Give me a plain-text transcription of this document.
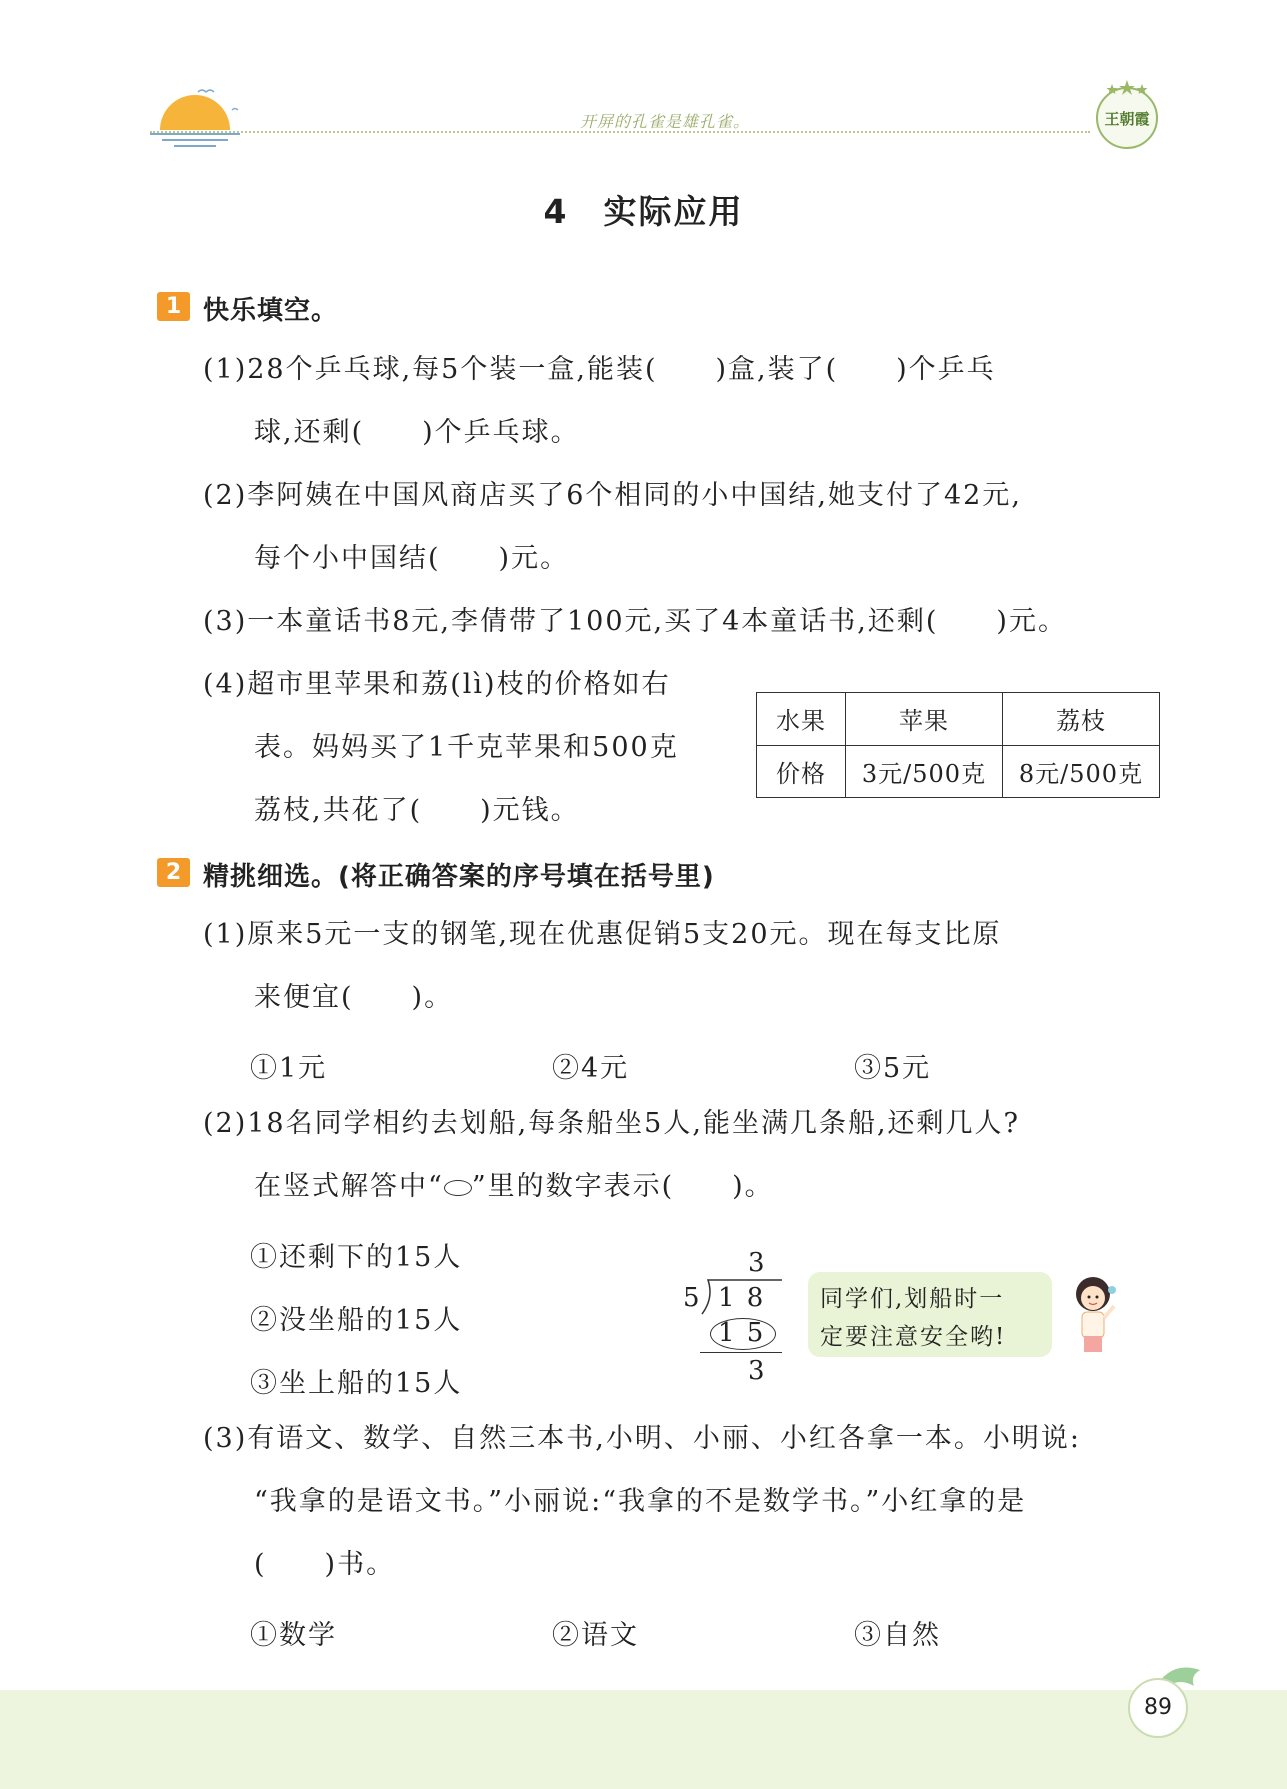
开屏的孔雀是雄孔雀。	王朝霞
4　实际应用
1 快乐填空。
(1)28个乒乓球,每5个装一盒,能装(　　)盒,装了(　　)个乒乓
球,还剩(　　)个乒乓球。
(2)李阿姨在中国风商店买了6个相同的小中国结,她支付了42元,
每个小中国结(　　)元。
(3)一本童话书8元,李倩带了100元,买了4本童话书,还剩(　　)元。
(4)超市里苹果和荔(lì)枝的价格如右
表。妈妈买了1千克苹果和500克
荔枝,共花了(　　)元钱。
水果	苹果	荔枝
价格	3元/500克	8元/500克
2 精挑细选。(将正确答案的序号填在括号里)
(1)原来5元一支的钢笔,现在优惠促销5支20元。现在每支比原
来便宜(　　)。
①1元	②4元	③5元
(2)18名同学相约去划船,每条船坐5人,能坐满几条船,还剩几人?
在竖式解答中“ ”里的数字表示(　　)。
①还剩下的15人
②没坐船的15人
③坐上船的15人
3
5 1 8
1 5
3
同学们,划船时一
定要注意安全哟!
(3)有语文、数学、自然三本书,小明、小丽、小红各拿一本。小明说:
“我拿的是语文书。”小丽说:“我拿的不是数学书。”小红拿的是
(　　)书。
①数学	②语文	③自然
89
